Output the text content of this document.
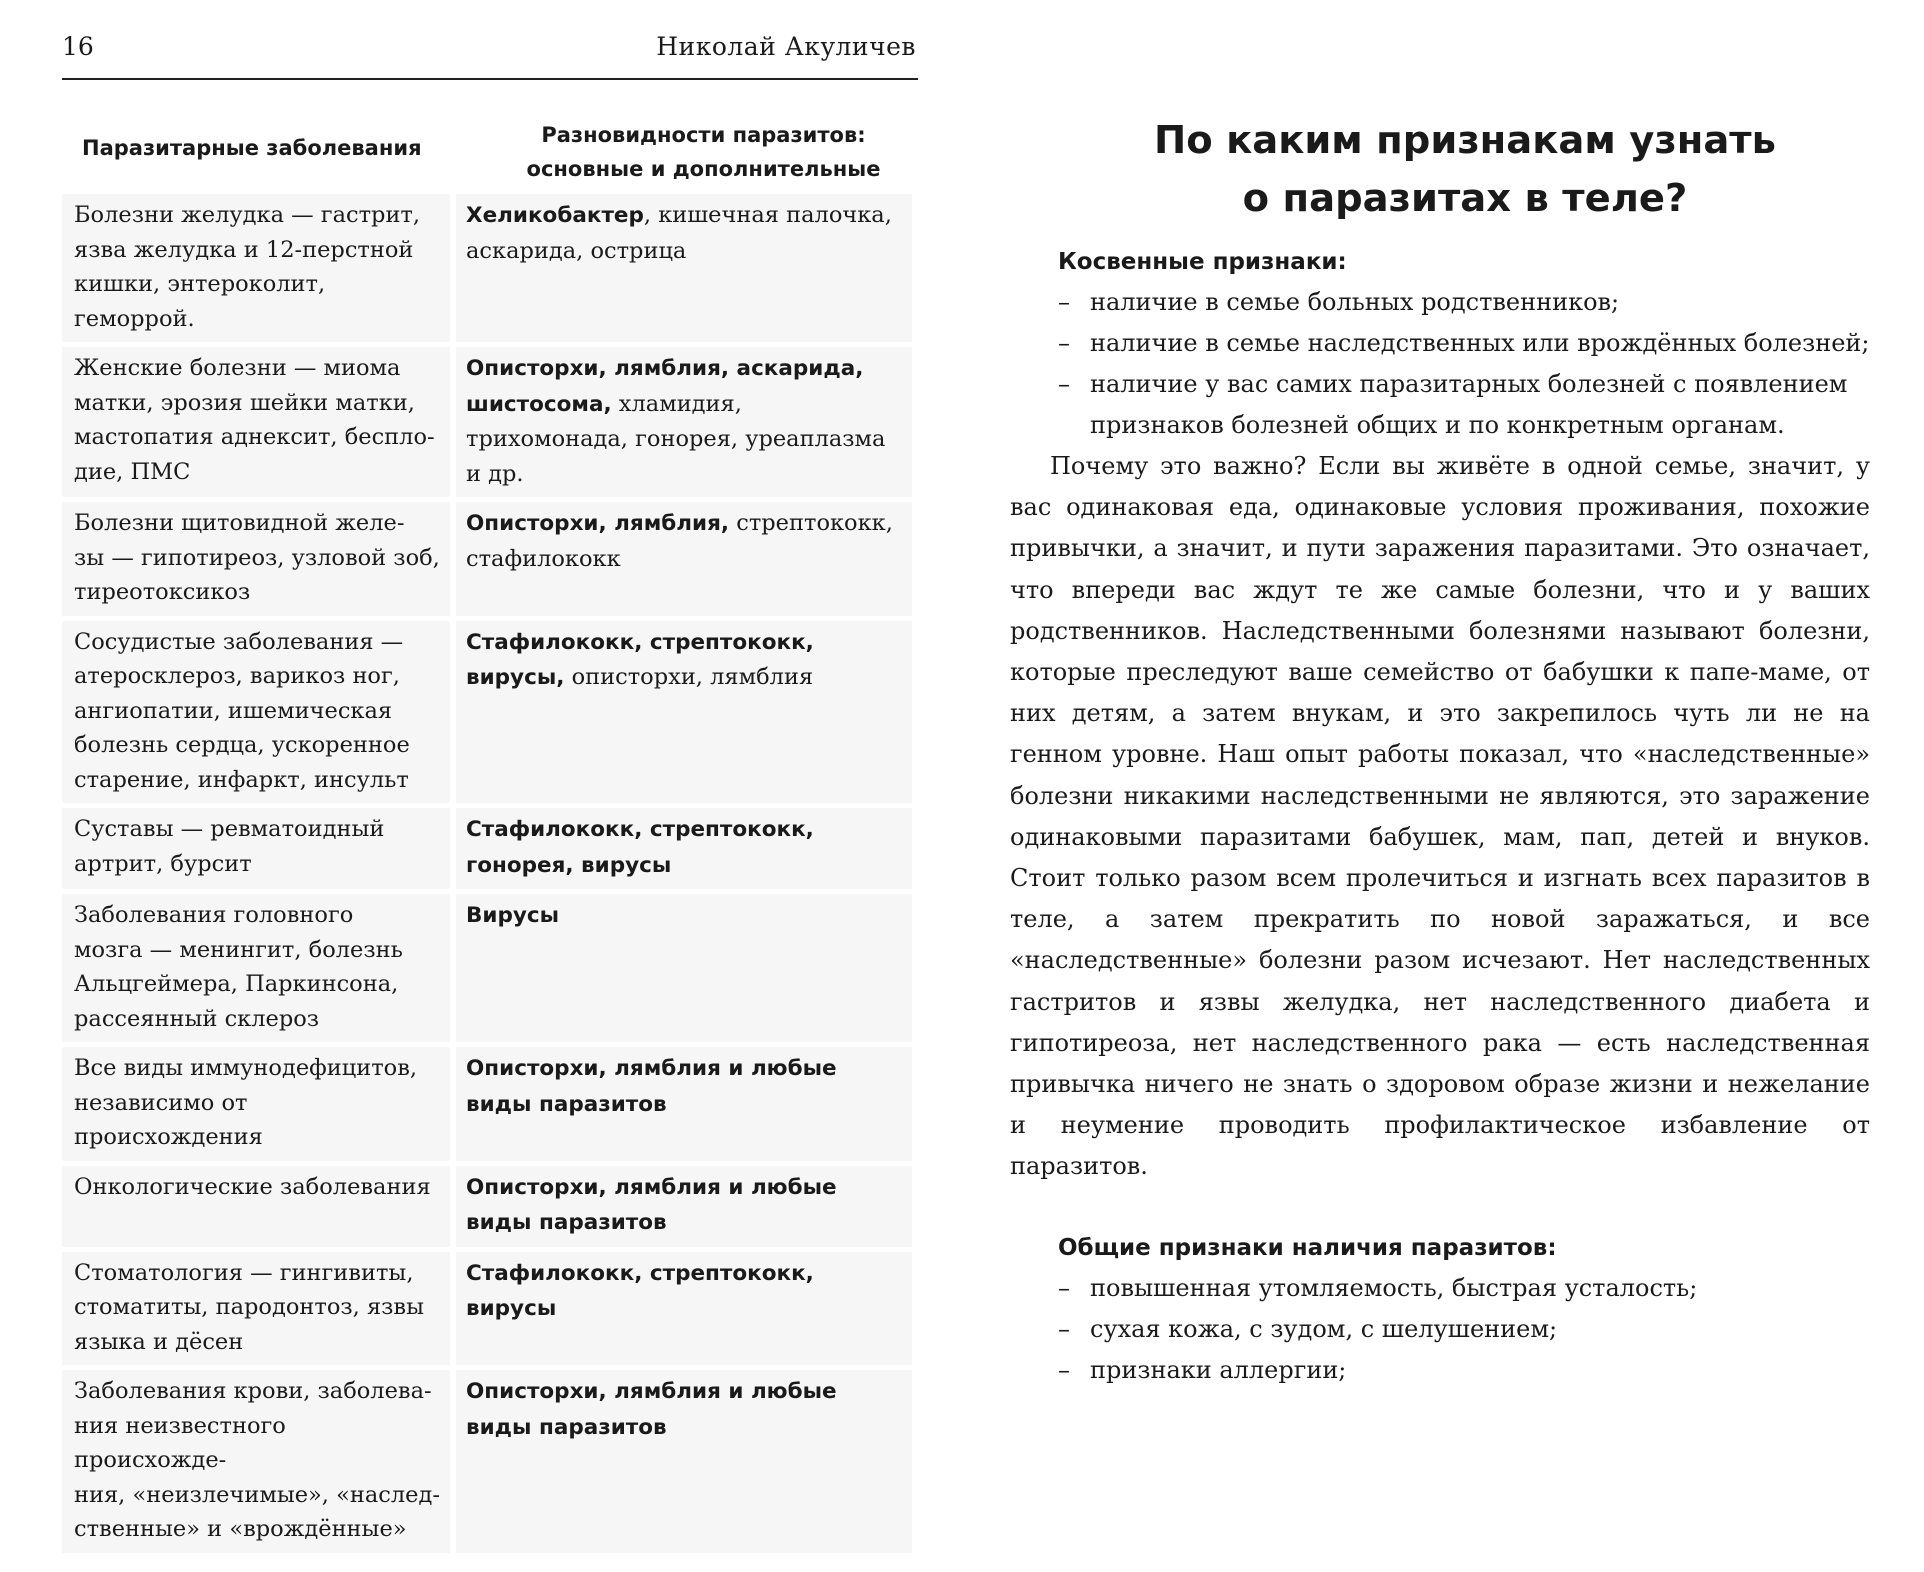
16	Николай Акуличев
Паразитарные заболевания
Разновидности паразитов: основные и дополнительные
Болезни желудка — гастрит,
язва желудка и 12-перстной
кишки, энтероколит, геморрой.
Хеликобактер, кишечная палочка,
аскарида, острица
Женские болезни — миома
матки, эрозия шейки матки,
мастопатия аднексит, беспло-
дие, ПМС
Описторхи, лямблия, аскарида,
шистосома, хламидия,
трихомонада, гонорея, уреаплазма
и др.
Болезни щитовидной желе-
зы — гипотиреоз, узловой зоб,
тиреотоксикоз
Описторхи, лямблия, стрептококк,
стафилококк
Сосудистые заболевания —
атеросклероз, варикоз ног,
ангиопатии, ишемическая
болезнь сердца, ускоренное
старение, инфаркт, инсульт
Стафилококк, стрептококк,
вирусы, описторхи, лямблия
Суставы — ревматоидный
артрит, бурсит
Стафилококк, стрептококк,
гонорея, вирусы
Заболевания головного
мозга — менингит, болезнь
Альцгеймера, Паркинсона,
рассеянный склероз
Вирусы
Все виды иммунодефицитов,
независимо от происхождения
Описторхи, лямблия и любые
виды паразитов
Онкологические заболевания	Описторхи, лямблия и любые
виды паразитов
Стоматология — гингивиты,
стоматиты, пародонтоз, язвы
языка и дёсен
Стафилококк, стрептококк,
вирусы
Заболевания крови, заболева-
ния неизвестного происхожде-
ния, «неизлечимые», «наслед-
ственные» и «врождённые»
Описторхи, лямблия и любые
виды паразитов
По каким признакам узнать
о паразитах в теле?
Косвенные признаки:
– наличие в семье больных родственников;
– наличие в семье наследственных или врождённых болезней;
– наличие у вас самих паразитарных болезней с появлением признаков болезней общих и по конкретным органам.

Почему это важно? Если вы живёте в одной семье, значит, у вас одинаковая еда, одинаковые условия проживания, похожие привычки, а значит, и пути заражения паразитами. Это означает, что впереди вас ждут те же самые болезни, что и у ваших родственников. Наследственными болезнями называют болезни, которые преследуют ваше семейство от бабушки к папе-маме, от них детям, а затем внукам, и это закрепилось чуть ли не на генном уровне. Наш опыт работы показал, что «наследственные» болезни никакими наследственными не являются, это заражение одинаковыми паразитами бабушек, мам, пап, детей и внуков. Стоит только разом всем пролечиться и изгнать всех паразитов в теле, а затем прекратить по новой заражаться, и все «наследственные» болезни разом исчезают. Нет наследственных гастритов и язвы желудка, нет наследственного диабета и гипотиреоза, нет наследственного рака — есть наследственная привычка ничего не знать о здоровом образе жизни и нежелание и неумение проводить профилактическое избавление от паразитов.

Общие признаки наличия паразитов:
– повышенная утомляемость, быстрая усталость;
– сухая кожа, с зудом, с шелушением;
– признаки аллергии;
